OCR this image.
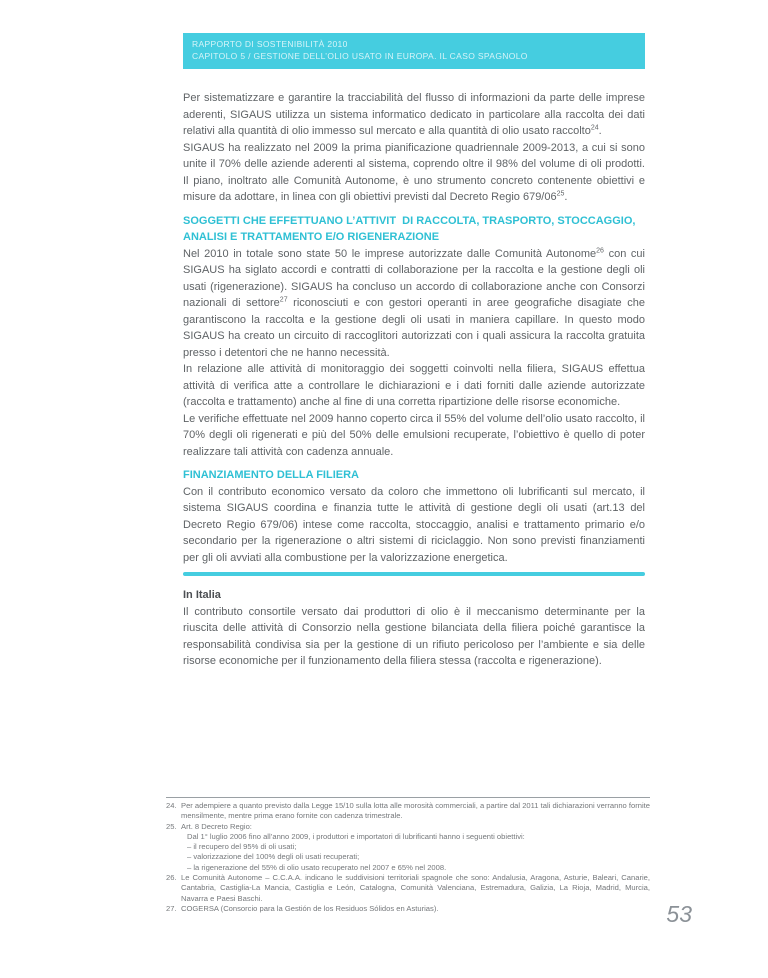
RAPPORTO DI SOSTENIBILITÀ 2010
CAPITOLO 5 / GESTIONE DELL’OLIO USATO IN EUROPA. IL CASO SPAGNOLO

Per sistematizzare e garantire la tracciabilità del flusso di informazioni da parte delle imprese aderenti, SIGAUS utilizza un sistema informatico dedicato in particolare alla raccolta dei dati relativi alla quantità di olio immesso sul mercato e alla quantità di olio usato raccolto$^{24}$.

SIGAUS ha realizzato nel 2009 la prima pianificazione quadriennale 2009-2013, a cui si sono unite il 70% delle aziende aderenti al sistema, coprendo oltre il 98% del volume di oli prodotti. Il piano, inoltrato alle Comunità Autonome, è uno strumento concreto contenente obiettivi e misure da adottare, in linea con gli obiettivi previsti dal Decreto Regio $679/06^{25}$.

SOGGETTI CHE EFFETTUANO L’ATTIVIT  DI RACCOLTA, TRASPORTO, STOCCAGGIO, ANALISI E TRATTAMENTO E/O RIGENERAZIONE

Nel 2010 in totale sono state 50 le imprese autorizzate dalle Comunità Autonome$^{26}$ con cui SIGAUS ha siglato accordi e contratti di collaborazione per la raccolta e la gestione degli oli usati (rigenerazione). SIGAUS ha concluso un accordo di collaborazione anche con Consorzi nazionali di settore$^{27}$ riconosciuti e con gestori operanti in aree geografiche disagiate che garantiscono la raccolta e la gestione degli oli usati in maniera capillare. In questo modo SIGAUS ha creato un circuito di raccoglitori autorizzati con i quali assicura la raccolta gratuita presso i detentori che ne hanno necessità.

In relazione alle attività di monitoraggio dei soggetti coinvolti nella filiera, SIGAUS effettua attività di verifica atte a controllare le dichiarazioni e i dati forniti dalle aziende autorizzate (raccolta e trattamento) anche al fine di una corretta ripartizione delle risorse economiche.

Le verifiche effettuate nel 2009 hanno coperto circa il 55% del volume dell’olio usato raccolto, il 70% degli oli rigenerati e più del 50% delle emulsioni recuperate, l’obiettivo è quello di poter realizzare tali attività con cadenza annuale.

FINANZIAMENTO DELLA FILIERA

Con il contributo economico versato da coloro che immettono oli lubrificanti sul mercato, il sistema SIGAUS coordina e finanzia tutte le attività di gestione degli oli usati (art.13 del Decreto Regio 679/06) intese come raccolta, stoccaggio, analisi e trattamento primario e/o secondario per la rigenerazione o altri sistemi di riciclaggio. Non sono previsti finanziamenti per gli oli avviati alla combustione per la valorizzazione energetica.

In Italia

Il contributo consortile versato dai produttori di olio è il meccanismo determinante per la riuscita delle attività di Consorzio nella gestione bilanciata della filiera poiché garantisce la responsabilità condivisa sia per la gestione di un rifiuto pericoloso per l’ambiente e sia delle risorse economiche per il funzionamento della filiera stessa (raccolta e rigenerazione).

24. Per adempiere a quanto previsto dalla Legge 15/10 sulla lotta alle morosità commerciali, a partire dal 2011 tali dichiarazioni verranno fornite mensilmente, mentre prima erano fornite con cadenza trimestrale.
25. Art. 8 Decreto Regio:
Dal 1° luglio 2006 fino all’anno 2009, i produttori e importatori di lubrificanti hanno i seguenti obiettivi:
– il recupero del 95% di oli usati;
– valorizzazione del 100% degli oli usati recuperati;
– la rigenerazione del 55% di olio usato recuperato nel 2007 e 65% nel 2008.
26. Le Comunità Autonome – C.C.A.A. indicano le suddivisioni territoriali spagnole che sono: Andalusia, Aragona, Asturie, Baleari, Canarie, Cantabria, Castiglia-La Mancia, Castiglia e León, Catalogna, Comunità Valenciana, Estremadura, Galizia, La Rioja, Madrid, Murcia, Navarra e Paesi Baschi.
27. COGERSA (Consorcio para la Gestión de los Residuos Sólidos en Asturias).	53
